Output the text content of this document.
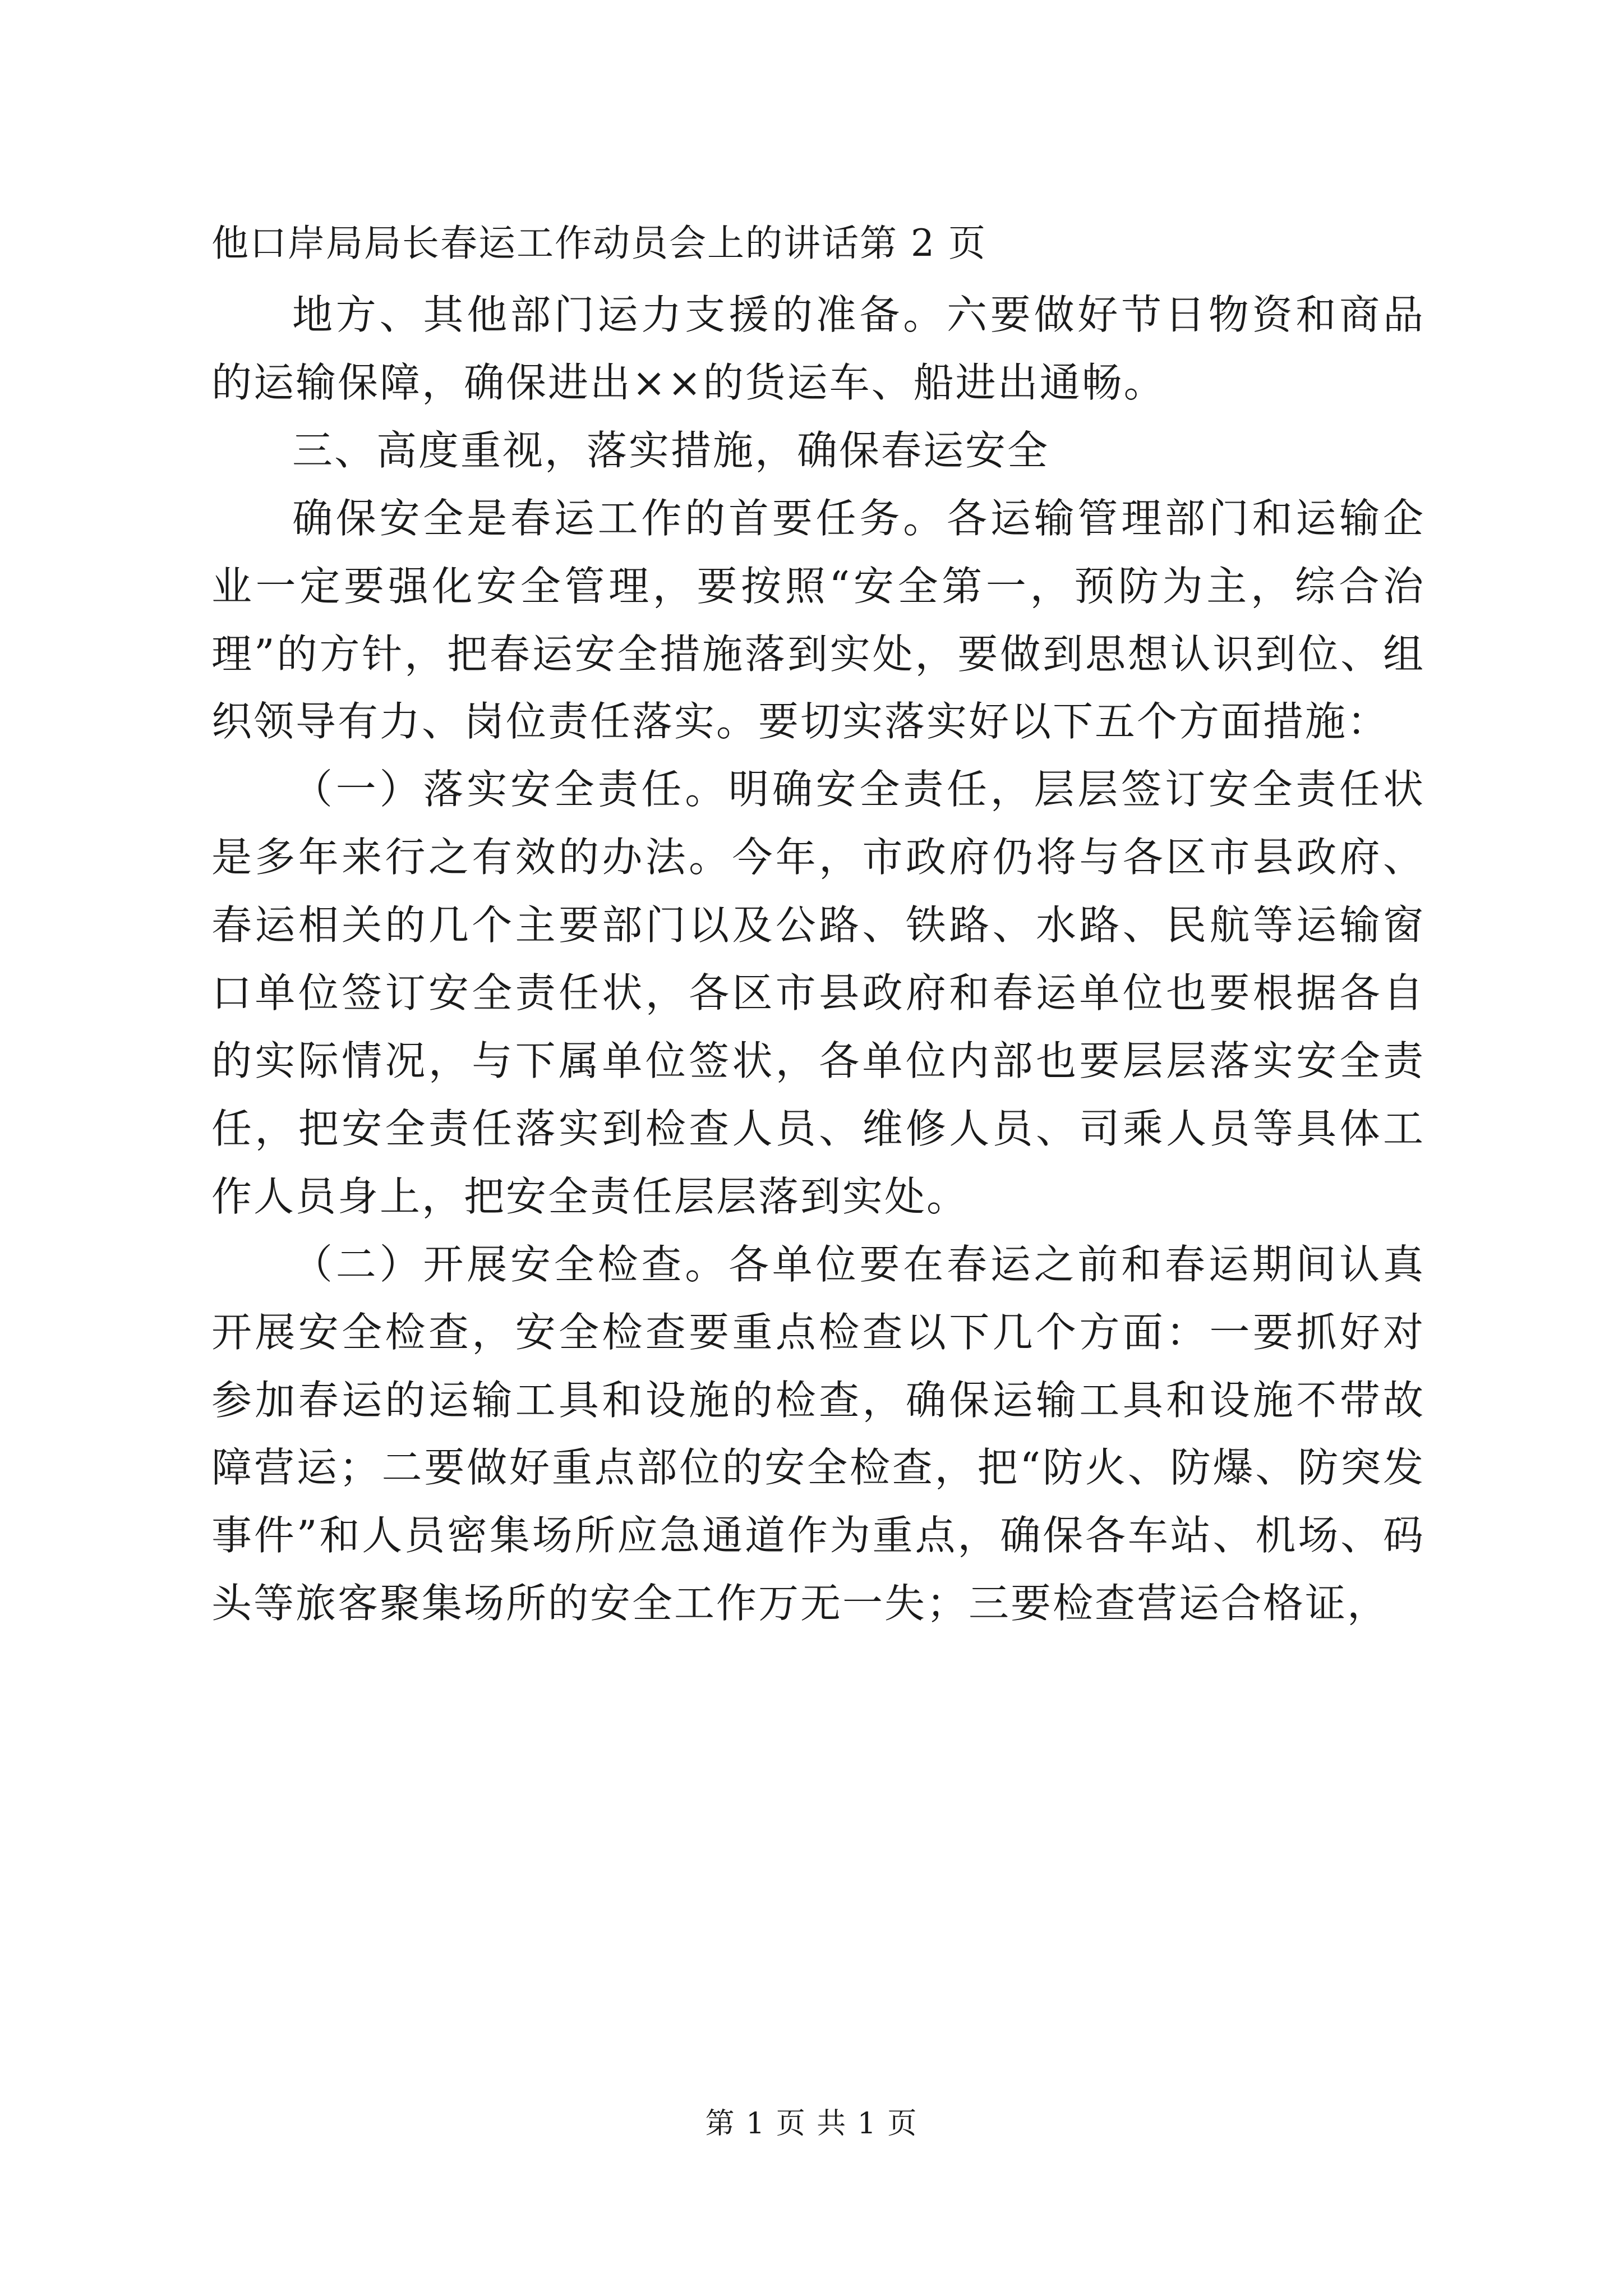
他口岸局局长春运工作动员会上的讲话第 2 页

地方、其他部门运力支援的准备。六要做好节日物资和商品的运输保障，确保进出××的货运车、船进出通畅。

三、高度重视，落实措施，确保春运安全

确保安全是春运工作的首要任务。各运输管理部门和运输企业一定要强化安全管理，要按照“安全第一，预防为主，综合治理”的方针，把春运安全措施落到实处，要做到思想认识到位、组织领导有力、岗位责任落实。要切实落实好以下五个方面措施：

（一）落实安全责任。明确安全责任，层层签订安全责任状是多年来行之有效的办法。今年，市政府仍将与各区市县政府、春运相关的几个主要部门以及公路、铁路、水路、民航等运输窗口单位签订安全责任状，各区市县政府和春运单位也要根据各自的实际情况，与下属单位签状，各单位内部也要层层落实安全责任，把安全责任落实到检查人员、维修人员、司乘人员等具体工作人员身上，把安全责任层层落到实处。

（二）开展安全检查。各单位要在春运之前和春运期间认真开展安全检查，安全检查要重点检查以下几个方面：一要抓好对参加春运的运输工具和设施的检查，确保运输工具和设施不带故障营运；二要做好重点部位的安全检查，把“防火、防爆、防突发事件”和人员密集场所应急通道作为重点，确保各车站、机场、码头等旅客聚集场所的安全工作万无一失；三要检查营运合格证，

第 1 页 共 1 页
